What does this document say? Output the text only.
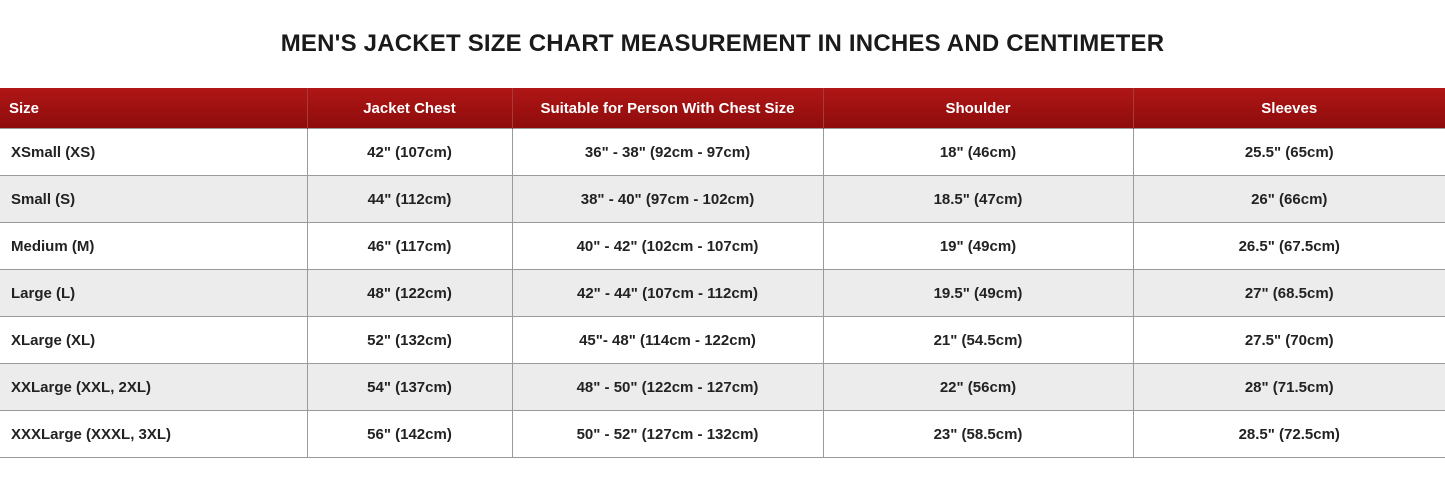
MEN'S JACKET SIZE CHART MEASUREMENT IN INCHES AND CENTIMETER
Size	Jacket Chest	Suitable for Person With Chest Size	Shoulder	Sleeves
XSmall (XS)	42" (107cm)	36" - 38" (92cm - 97cm)	18" (46cm)	25.5" (65cm)
Small (S)	44" (112cm)	38" - 40" (97cm - 102cm)	18.5" (47cm)	26" (66cm)
Medium (M)	46" (117cm)	40" - 42" (102cm - 107cm)	19" (49cm)	26.5" (67.5cm)
Large (L)	48" (122cm)	42" - 44" (107cm - 112cm)	19.5" (49cm)	27" (68.5cm)
XLarge (XL)	52" (132cm)	45"- 48" (114cm - 122cm)	21" (54.5cm)	27.5" (70cm)
XXLarge (XXL, 2XL)	54" (137cm)	48" - 50" (122cm - 127cm)	22" (56cm)	28" (71.5cm)
XXXLarge (XXXL, 3XL)	56" (142cm)	50" - 52" (127cm - 132cm)	23" (58.5cm)	28.5" (72.5cm)
